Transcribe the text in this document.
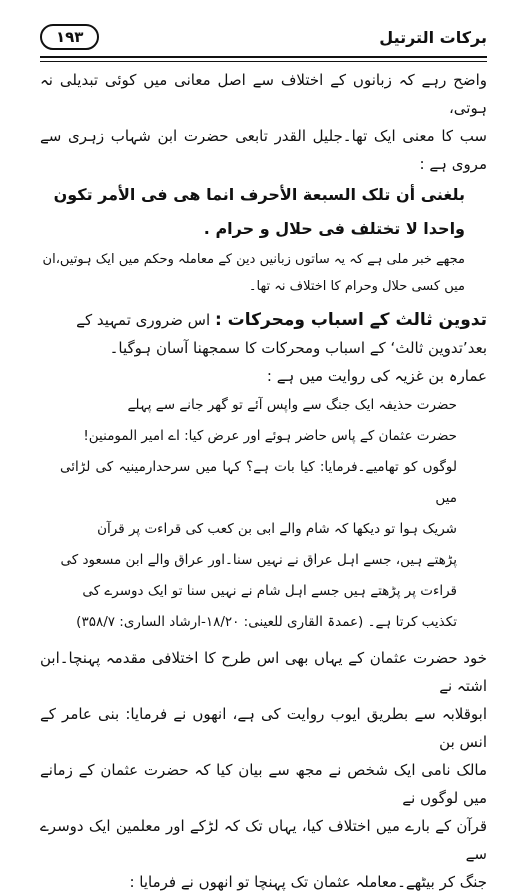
برکات الترتیل
۱۹۳

واضح رہے کہ زبانوں کے اختلاف سے اصل معانی میں کوئی تبدیلی نہ ہوتی،

سب کا معنی ایک تھا۔جلیل القدر تابعی حضرت ابن شہاب زہری سے مروی ہے :

بلغنی أن تلک السبعة الأحرف انما ھی فی الأمر تکون

واحدا لا تختلف فی حلال و حرام .

مجھے خبر ملی ہے کہ یہ ساتوں زبانیں دین کے معاملہ وحکم میں ایک ہوتیں،ان

میں کسی حلال وحرام کا اختلاف نہ تھا۔

تدوین ثالث کے اسباب ومحرکات : اس ضروری تمہید کے

بعد’تدوین ثالث‘ کے اسباب ومحرکات کا سمجھنا آسان ہوگیا۔

عمارہ بن غزیہ کی روایت میں ہے :

حضرت حذیفہ ایک جنگ سے واپس آئے تو گھر جانے سے پہلے

حضرت عثمان کے پاس حاضر ہوئے اور عرض کیا: اے امیر المومنین!

لوگوں کو تھامیے۔فرمایا: کیا بات ہے؟ کہا میں سرحدارمینیہ کی لڑائی میں

شریک ہوا تو دیکھا کہ شام والے ابی بن کعب کی قراءت پر قرآن

پڑھتے ہیں، جسے اہل عراق نے نہیں سنا۔اور عراق والے ابن مسعود کی

قراءت پر پڑھتے ہیں جسے اہل شام نے نہیں سنا تو ایک دوسرے کی

تکذیب کرتا ہے۔ (عمدۃ القاری للعینی: ۱۸/۲۰-ارشاد الساری: ۳۵۸/۷)

خود حضرت عثمان کے یہاں بھی اس طرح کا اختلافی مقدمہ پہنچا۔ابن اشتہ نے

ابوقلابہ سے بطریق ایوب روایت کی ہے، انھوں نے فرمایا: بنی عامر کے انس بن

مالک نامی ایک شخص نے مجھ سے بیان کیا کہ حضرت عثمان کے زمانے میں لوگوں نے

قرآن کے بارے میں اختلاف کیا، یہاں تک کہ لڑکے اور معلمین ایک دوسرے سے

جنگ کر بیٹھے۔معاملہ عثمان تک پہنچا تو انھوں نے فرمایا :
